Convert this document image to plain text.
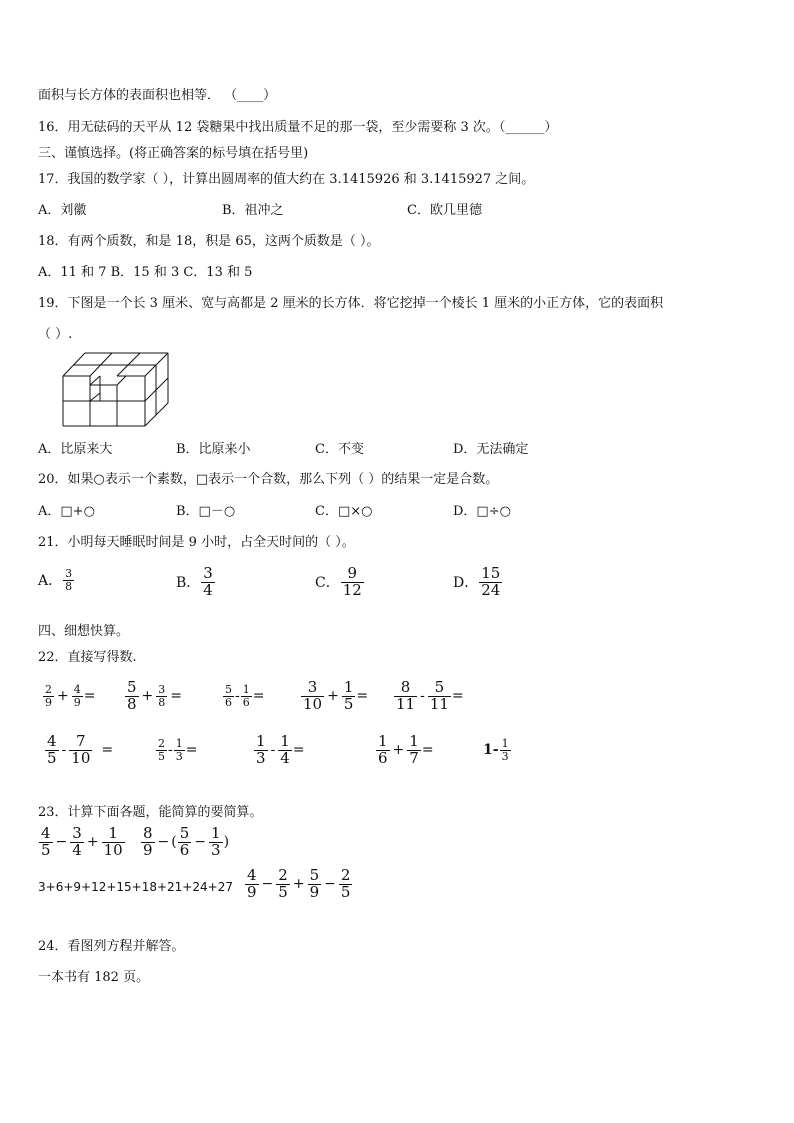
面积与长方体的表面积也相等． （____）
16．用无砝码的天平从 12 袋糖果中找出质量不足的那一袋，至少需要称 3 次。（______）
三、谨慎选择。(将正确答案的标号填在括号里)
17．我国的数学家（ ），计算出圆周率的值大约在 3.1415926 和 3.1415927 之间。
A．刘徽	B．祖冲之	C．欧几里德
18．有两个质数，和是 18，积是 65，这两个质数是（ ）。
A．11 和 7 B．15 和 3 C．13 和 5
19．下图是一个长 3 厘米、宽与高都是 2 厘米的长方体．将它挖掉一个棱长 1 厘米的小正方体，它的表面积
（ ）.
A．比原来大	B．比原来小	C．不变	D．无法确定
20．如果○表示一个素数，□表示一个合数，那么下列（ ）的结果一定是合数。
A．□+○	B．□－○	C．□×○	D．□÷○
21．小明每天睡眠时间是 9 小时，占全天时间的（ ）。
A． $\frac{3}{8}$	B． $\frac{3}{4}$	C． $\frac{9}{12}$	D． $\frac{15}{24}$
四、细想快算。
22．直接写得数.
$\frac{2}{9} + \frac{4}{9} = \frac{5}{8} + \frac{3}{8}$ =	$\frac{5}{6} - \frac{1}{6} = \frac{3}{10} + \frac{1}{5} = \frac{8}{11} - \frac{5}{11}$ =
$\frac{4}{5} - \frac{7}{10}$ =	$\frac{2}{5} - \frac{1}{3}$ =	$\frac{1}{3} - \frac{1}{4}$ =	$\frac{1}{6} + \frac{1}{7}$ =	$1- \frac{1}{3}$
23．计算下面各题，能简算的要简算。
$\frac{4}{5} - \frac{3}{4} + \frac{1}{10} \frac{8}{9}$ − ( $\frac{5}{6} - \frac{1}{3}$ )
$3+6+9+12+15+18+21+24+27 \frac{4}{9} - \frac{2}{5} + \frac{5}{9} - \frac{2}{5}$
24．看图列方程并解答。
一本书有 182 页。
